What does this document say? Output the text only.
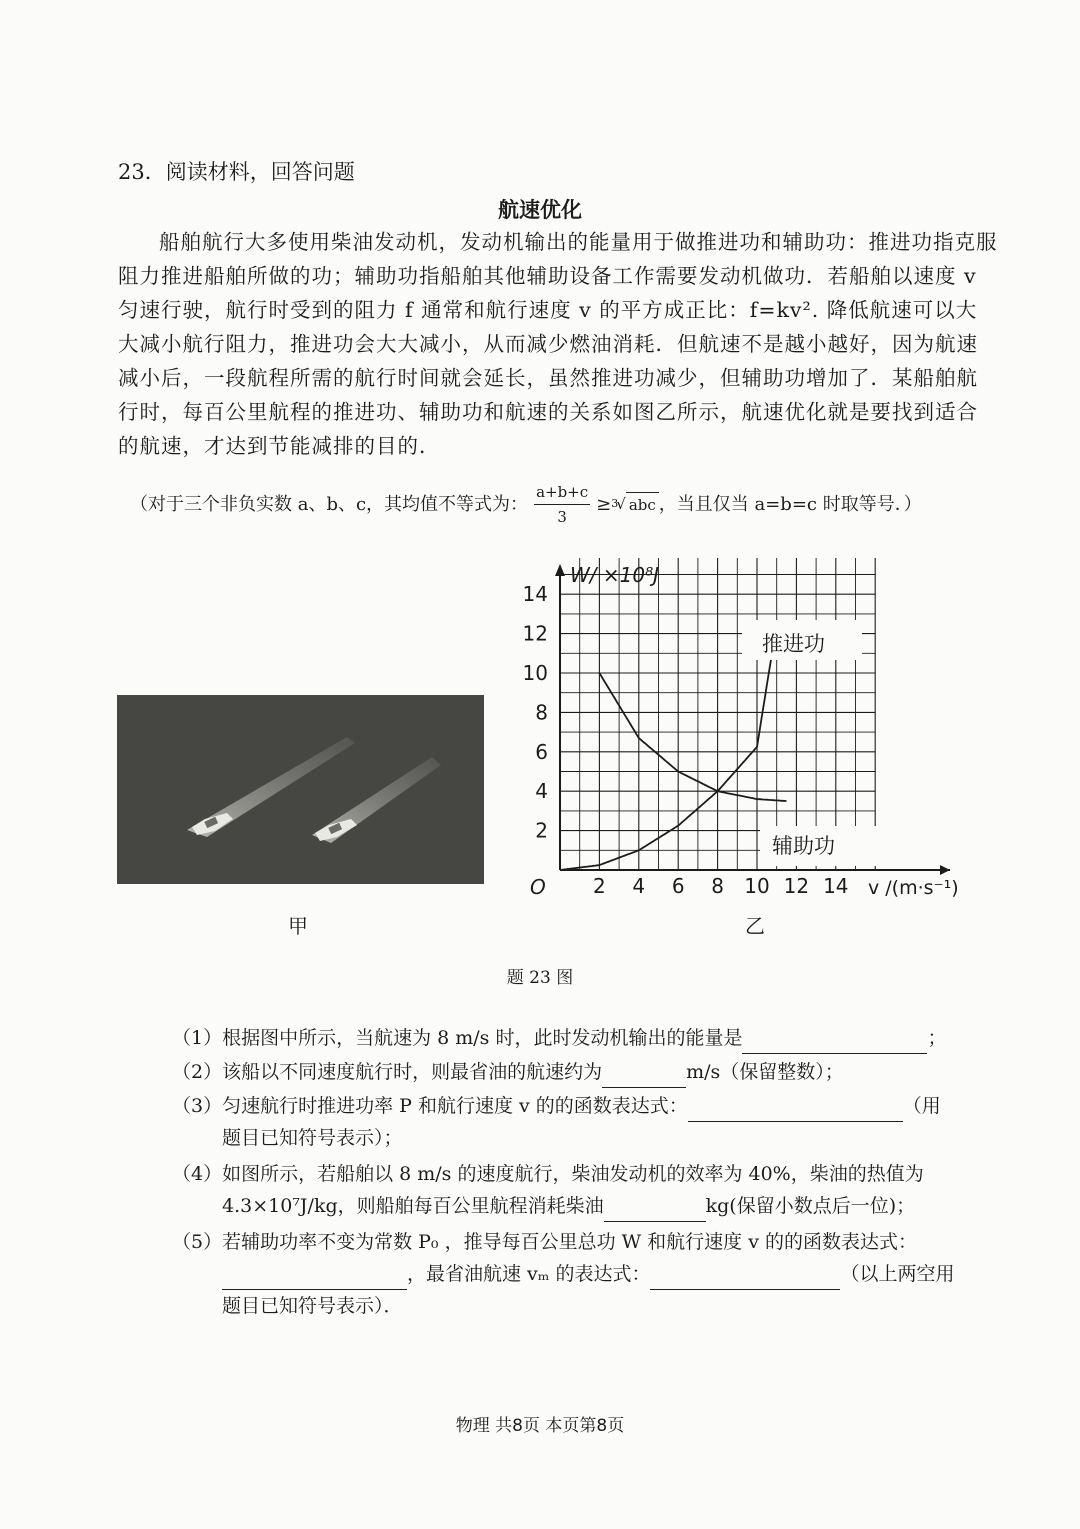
23．阅读材料，回答问题
航速优化

船舶航行大多使用柴油发动机，发动机输出的能量用于做推进功和辅助功：推进功指克服阻力推进船舶所做的功；辅助功指船舶其他辅助设备工作需要发动机做功．若船舶以速度 v 匀速行驶，航行时受到的阻力 f 通常和航行速度 v 的平方成正比：f=kv². 降低航速可以大大减小航行阻力，推进功会大大减小，从而减少燃油消耗．但航速不是越小越好，因为航速减小后，一段航程所需的航行时间就会延长，虽然推进功减少，但辅助功增加了．某船舶航行时，每百公里航程的推进功、辅助功和航速的关系如图乙所示，航速优化就是要找到适合的航速，才达到节能减排的目的．

（对于三个非负实数 a、b、c，其均值不等式为： $\frac{a+b+c}{3} \ge 3$
√ abc ，当且仅当 a=b=c 时取等号．）
甲
2 4 6 8 10 12 14
2
4
6
8
10
12
14
W/ ×10⁸J
v /(m·s⁻¹)
O
推进功
辅助功
乙
题 23 图
（1）根据图中所示，当航速为 8 m/s 时，此时发动机输出的能量是	；
（2）该船以不同速度航行时，则最省油的航速约为	m/s（保留整数）；
（3）匀速航行时推进功率 P 和航行速度 v 的的函数表达式：	（用
题目已知符号表示）；
（4）如图所示，若船舶以 8 m/s 的速度航行，柴油发动机的效率为 40%，柴油的热值为
4.3×10⁷J/kg，则船舶每百公里航程消耗柴油	kg(保留小数点后一位)；
（5）若辅助功率不变为常数 P₀ ，推导每百公里总功 W 和航行速度 v 的的函数表达式：
，最省油航速 vₘ 的表达式：	（以上两空用
题目已知符号表示）．
物理 共8页 本页第8页
